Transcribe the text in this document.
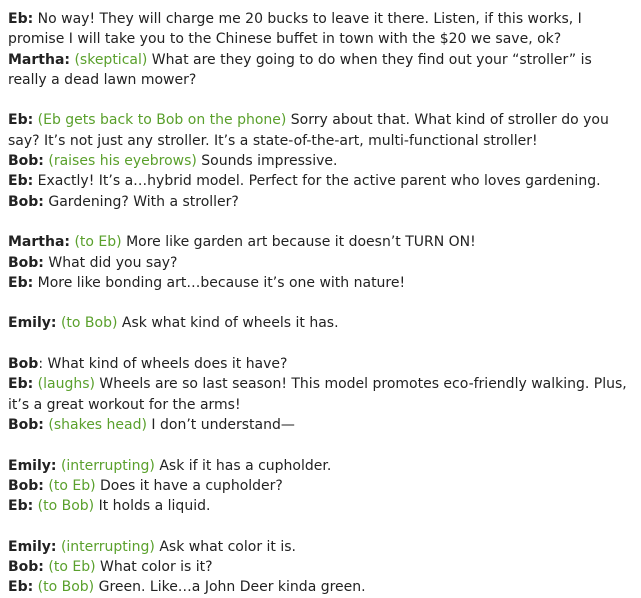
Eb: No way! They will charge me 20 bucks to leave it there. Listen, if this works, I promise I will take you to the Chinese buffet in town with the $20 we save, ok?

Martha: (skeptical) What are they going to do when they find out your “stroller” is really a dead lawn mower?

Eb: (Eb gets back to Bob on the phone) Sorry about that. What kind of stroller do you say? It’s not just any stroller. It’s a state-of-the-art, multi-functional stroller!

Bob: (raises his eyebrows) Sounds impressive.

Eb: Exactly! It’s a…hybrid model. Perfect for the active parent who loves gardening.

Bob: Gardening? With a stroller?

Martha: (to Eb) More like garden art because it doesn’t TURN ON!

Bob: What did you say?

Eb: More like bonding art…because it’s one with nature!

Emily: (to Bob) Ask what kind of wheels it has.

Bob: What kind of wheels does it have?

Eb: (laughs) Wheels are so last season! This model promotes eco-friendly walking. Plus, it’s a great workout for the arms!

Bob: (shakes head) I don’t understand—

Emily: (interrupting) Ask if it has a cupholder.

Bob: (to Eb) Does it have a cupholder?

Eb: (to Bob) It holds a liquid.

Emily: (interrupting) Ask what color it is.

Bob: (to Eb) What color is it?

Eb: (to Bob) Green. Like…a John Deer kinda green.
